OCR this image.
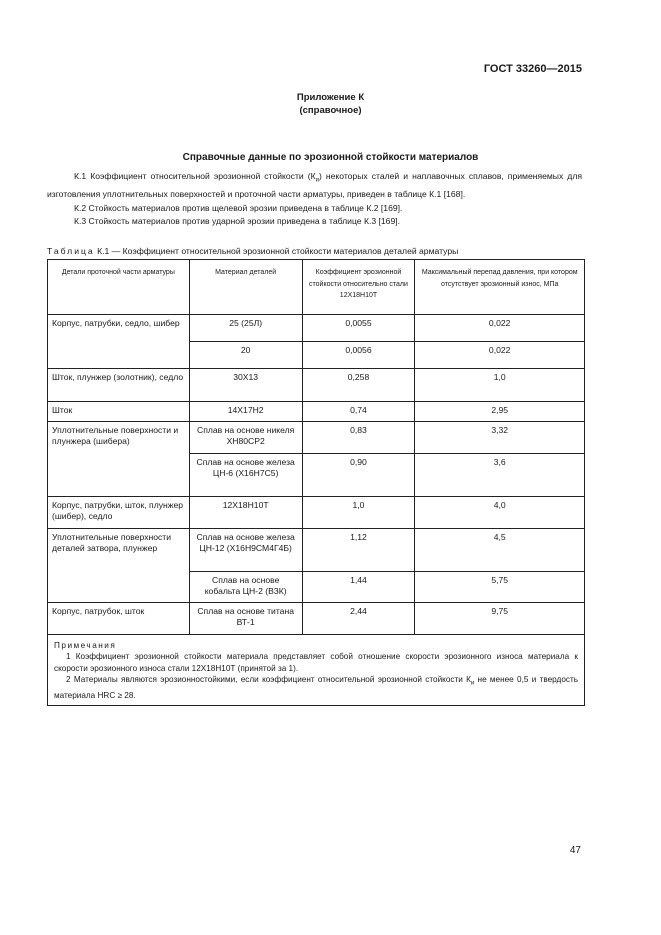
ГОСТ 33260—2015
Приложение К
(справочное)
Справочные данные по эрозионной стойкости материалов

К.1 Коэффициент относительной эрозионной стойкости $(К_и)$ некоторых сталей и наплавочных сплавов, применяемых для изготовления уплотнительных поверхностей и проточной части арматуры, приведен в таблице К.1 [168].

К.2 Стойкость материалов против щелевой эрозии приведена в таблице К.2 [169].

К.3 Стойкость материалов против ударной эрозии приведена в таблице К.3 [169].

Таблица К.1 — Коэффициент относительной эрозионной стойкости материалов деталей арматуры
Детали проточной части арматуры	Материал деталей	Коэффициент эрозионной стойкости относительно стали 12Х18Н10Т	Максимальный перепад давления, при котором отсутствует эрозионный износ, МПа
Корпус, патрубки, седло, шибер	25 (25Л)	0,0055	0,022
	20	0,0056	0,022
Шток, плунжер (золотник), седло	30Х13	0,258	1,0
Шток	14Х17Н2	0,74	2,95
Уплотнительные поверхности и плунжера (шибера)	Сплав на основе никеля ХН80СР2	0,83	3,32
	Сплав на основе железа ЦН-6 (Х16Н7С5)	0,90	3,6
Корпус, патрубки, шток, плунжер (шибер), седло	12Х18Н10Т	1,0	4,0
Уплотнительные поверхности деталей затвора, плунжер	Сплав на основе железа ЦН-12 (Х16Н9СМ4Г4Б)	1,12	4,5
	Сплав на основе кобальта ЦН-2 (ВЗК)	1,44	5,75
Корпус, патрубок, шток	Сплав на основе титана ВТ-1	2,44	9,75

Примечания

1 Коэффициент эрозионной стойкости материала представляет собой отношение скорости эрозионного износа материала к скорости эрозионного износа стали 12Х18Н10Т (принятой за 1).

2 Материалы являются эрозионностойкими, если коэффициент относительной эрозионной стойкости $К_и$ не менее 0,5 и твердость материала HRC ≥ 28.			

47
